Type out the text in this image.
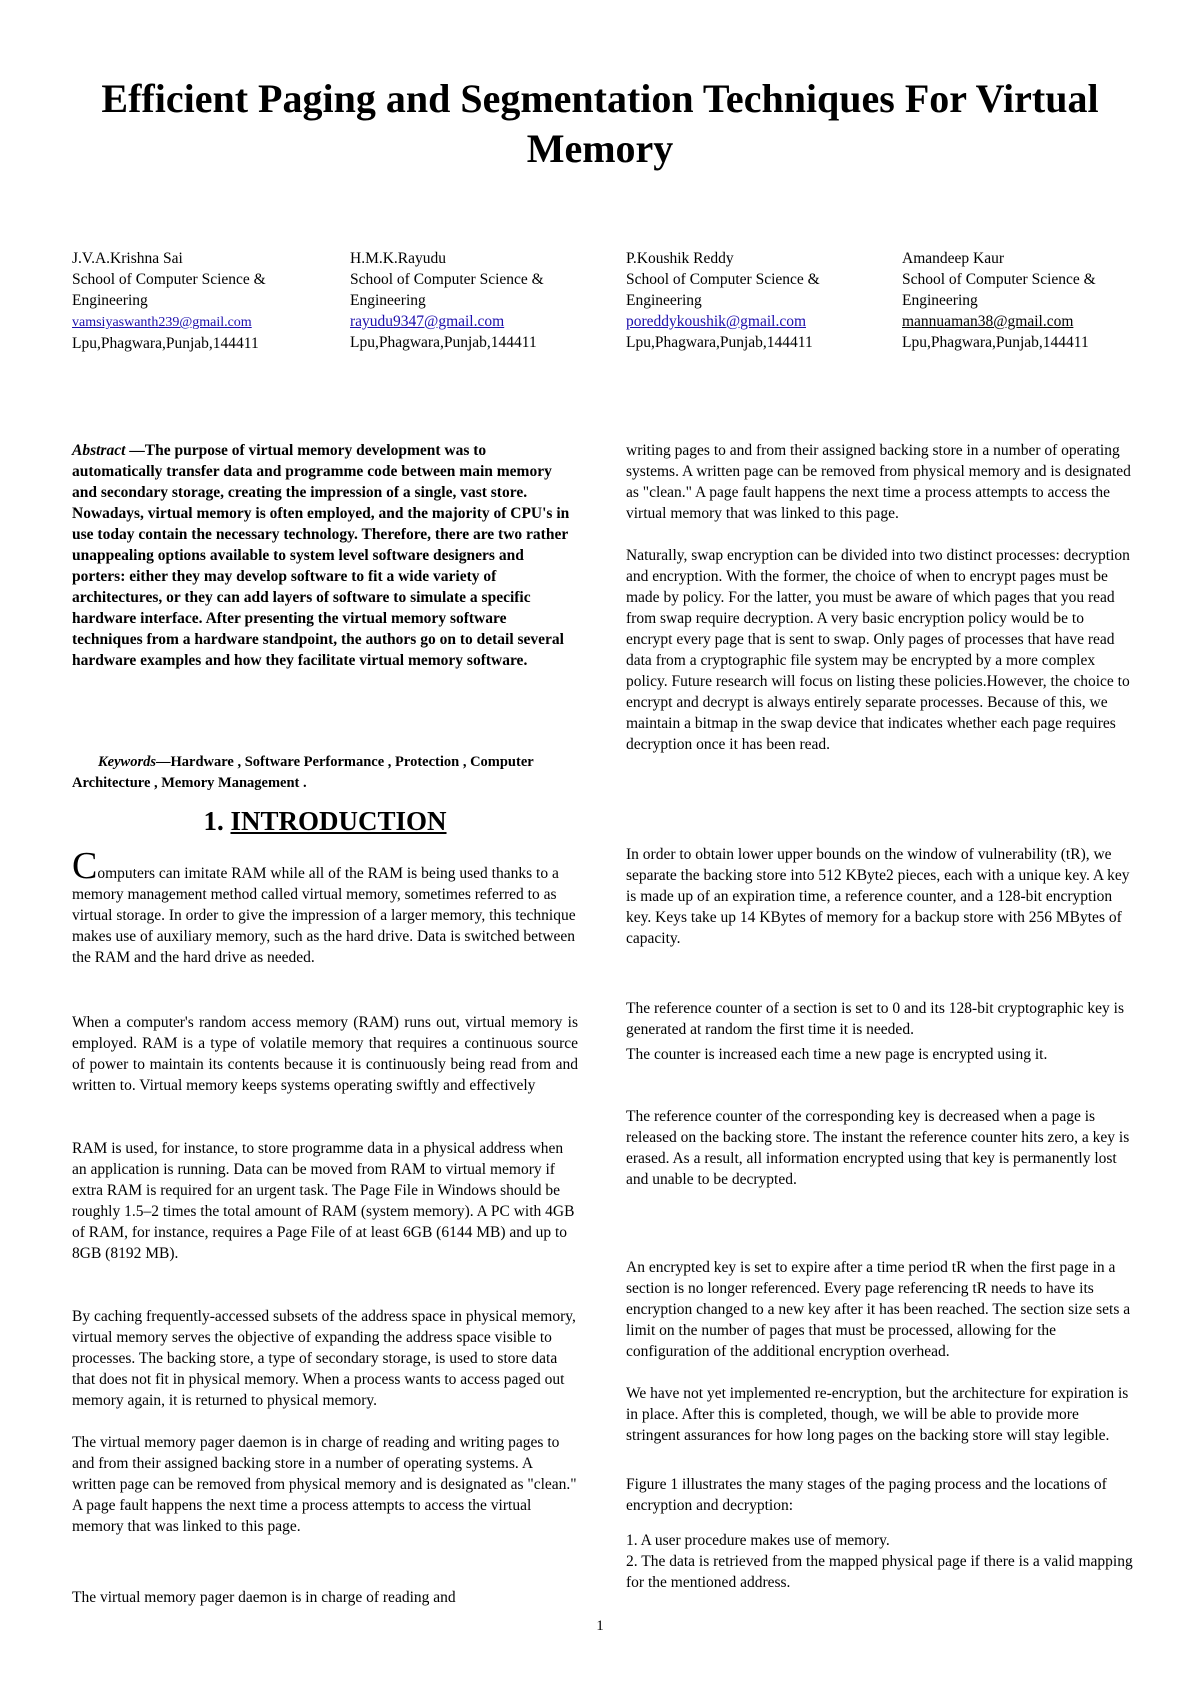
Efficient Paging and Segmentation Techniques For Virtual Memory
J.V.A.Krishna Sai
School of Computer Science &
Engineering
vamsiyaswanth239@gmail.com
Lpu,Phagwara,Punjab,144411
H.M.K.Rayudu
School of Computer Science &
Engineering
rayudu9347@gmail.com
Lpu,Phagwara,Punjab,144411
P.Koushik Reddy
School of Computer Science &
Engineering
poreddykoushik@gmail.com
Lpu,Phagwara,Punjab,144411
Amandeep Kaur
School of Computer Science &
Engineering
mannuaman38@gmail.com
Lpu,Phagwara,Punjab,144411

Abstract —The purpose of virtual memory development was to automatically transfer data and programme code between main memory and secondary storage, creating the impression of a single, vast store. Nowadays, virtual memory is often employed, and the majority of CPU's in use today contain the necessary technology. Therefore, there are two rather unappealing options available to system level software designers and porters: either they may develop software to fit a wide variety of architectures, or they can add layers of software to simulate a specific hardware interface. After presenting the virtual memory software techniques from a hardware standpoint, the authors go on to detail several hardware examples and how they facilitate virtual memory software.

Keywords—Hardware , Software Performance , Protection , Computer Architecture , Memory Management .

1. INTRODUCTION

Computers can imitate RAM while all of the RAM is being used thanks to a memory management method called virtual memory, sometimes referred to as virtual storage. In order to give the impression of a larger memory, this technique makes use of auxiliary memory, such as the hard drive. Data is switched between the RAM and the hard drive as needed.

When a computer's random access memory (RAM) runs out, virtual memory is employed. RAM is a type of volatile memory that requires a continuous source of power to maintain its contents because it is continuously being read from and written to. Virtual memory keeps systems operating swiftly and effectively

RAM is used, for instance, to store programme data in a physical address when an application is running. Data can be moved from RAM to virtual memory if extra RAM is required for an urgent task. The Page File in Windows should be roughly 1.5–2 times the total amount of RAM (system memory). A PC with 4GB of RAM, for instance, requires a Page File of at least 6GB (6144 MB) and up to 8GB (8192 MB).

By caching frequently-accessed subsets of the address space in physical memory, virtual memory serves the objective of expanding the address space visible to processes. The backing store, a type of secondary storage, is used to store data that does not fit in physical memory. When a process wants to access paged out memory again, it is returned to physical memory.

The virtual memory pager daemon is in charge of reading and writing pages to and from their assigned backing store in a number of operating systems. A written page can be removed from physical memory and is designated as "clean." A page fault happens the next time a process attempts to access the virtual memory that was linked to this page.

The virtual memory pager daemon is in charge of reading and

writing pages to and from their assigned backing store in a number of operating systems. A written page can be removed from physical memory and is designated as "clean." A page fault happens the next time a process attempts to access the virtual memory that was linked to this page.

Naturally, swap encryption can be divided into two distinct processes: decryption and encryption. With the former, the choice of when to encrypt pages must be made by policy. For the latter, you must be aware of which pages that you read from swap require decryption. A very basic encryption policy would be to encrypt every page that is sent to swap. Only pages of processes that have read data from a cryptographic file system may be encrypted by a more complex policy. Future research will focus on listing these policies.However, the choice to encrypt and decrypt is always entirely separate processes. Because of this, we maintain a bitmap in the swap device that indicates whether each page requires decryption once it has been read.

In order to obtain lower upper bounds on the window of vulnerability (tR), we separate the backing store into 512 KByte2 pieces, each with a unique key. A key is made up of an expiration time, a reference counter, and a 128-bit encryption key. Keys take up 14 KBytes of memory for a backup store with 256 MBytes of capacity.

The reference counter of a section is set to 0 and its 128-bit cryptographic key is generated at random the first time it is needed.

The counter is increased each time a new page is encrypted using it.

The reference counter of the corresponding key is decreased when a page is released on the backing store. The instant the reference counter hits zero, a key is erased. As a result, all information encrypted using that key is permanently lost and unable to be decrypted.

An encrypted key is set to expire after a time period tR when the first page in a section is no longer referenced. Every page referencing tR needs to have its encryption changed to a new key after it has been reached. The section size sets a limit on the number of pages that must be processed, allowing for the configuration of the additional encryption overhead.

We have not yet implemented re-encryption, but the architecture for expiration is in place. After this is completed, though, we will be able to provide more stringent assurances for how long pages on the backing store will stay legible.

Figure 1 illustrates the many stages of the paging process and the locations of encryption and decryption:

1. A user procedure makes use of memory.

2. The data is retrieved from the mapped physical page if there is a valid mapping for the mentioned address.

1
